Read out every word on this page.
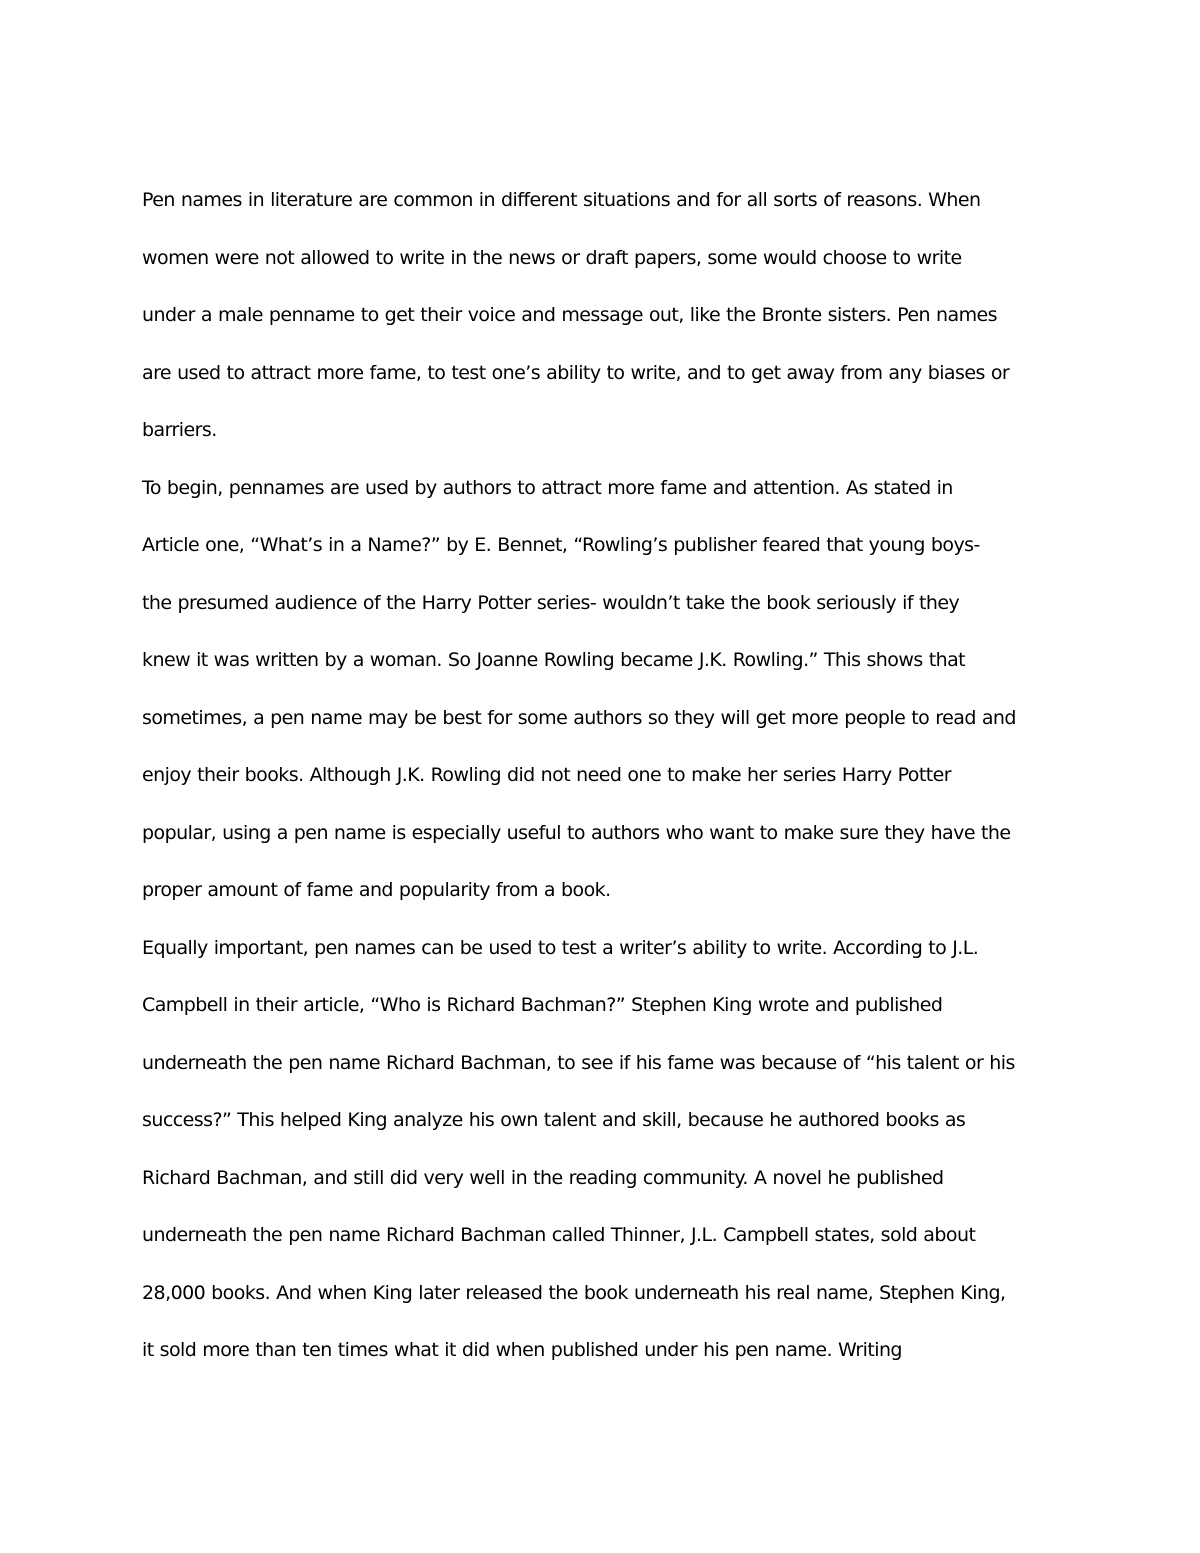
Pen names in literature are common in different situations and for all sorts of reasons. When
women were not allowed to write in the news or draft papers, some would choose to write
under a male penname to get their voice and message out, like the Bronte sisters. Pen names
are used to attract more fame, to test one’s ability to write, and to get away from any biases or
barriers.
To begin, pennames are used by authors to attract more fame and attention. As stated in
Article one, “What’s in a Name?” by E. Bennet, “Rowling’s publisher feared that young boys-
the presumed audience of the Harry Potter series- wouldn’t take the book seriously if they
knew it was written by a woman. So Joanne Rowling became J.K. Rowling.” This shows that
sometimes, a pen name may be best for some authors so they will get more people to read and
enjoy their books. Although J.K. Rowling did not need one to make her series Harry Potter
popular, using a pen name is especially useful to authors who want to make sure they have the
proper amount of fame and popularity from a book.
Equally important, pen names can be used to test a writer’s ability to write. According to J.L.
Campbell in their article, “Who is Richard Bachman?” Stephen King wrote and published
underneath the pen name Richard Bachman, to see if his fame was because of “his talent or his
success?” This helped King analyze his own talent and skill, because he authored books as
Richard Bachman, and still did very well in the reading community. A novel he published
underneath the pen name Richard Bachman called Thinner, J.L. Campbell states, sold about
28,000 books. And when King later released the book underneath his real name, Stephen King,
it sold more than ten times what it did when published under his pen name. Writing
